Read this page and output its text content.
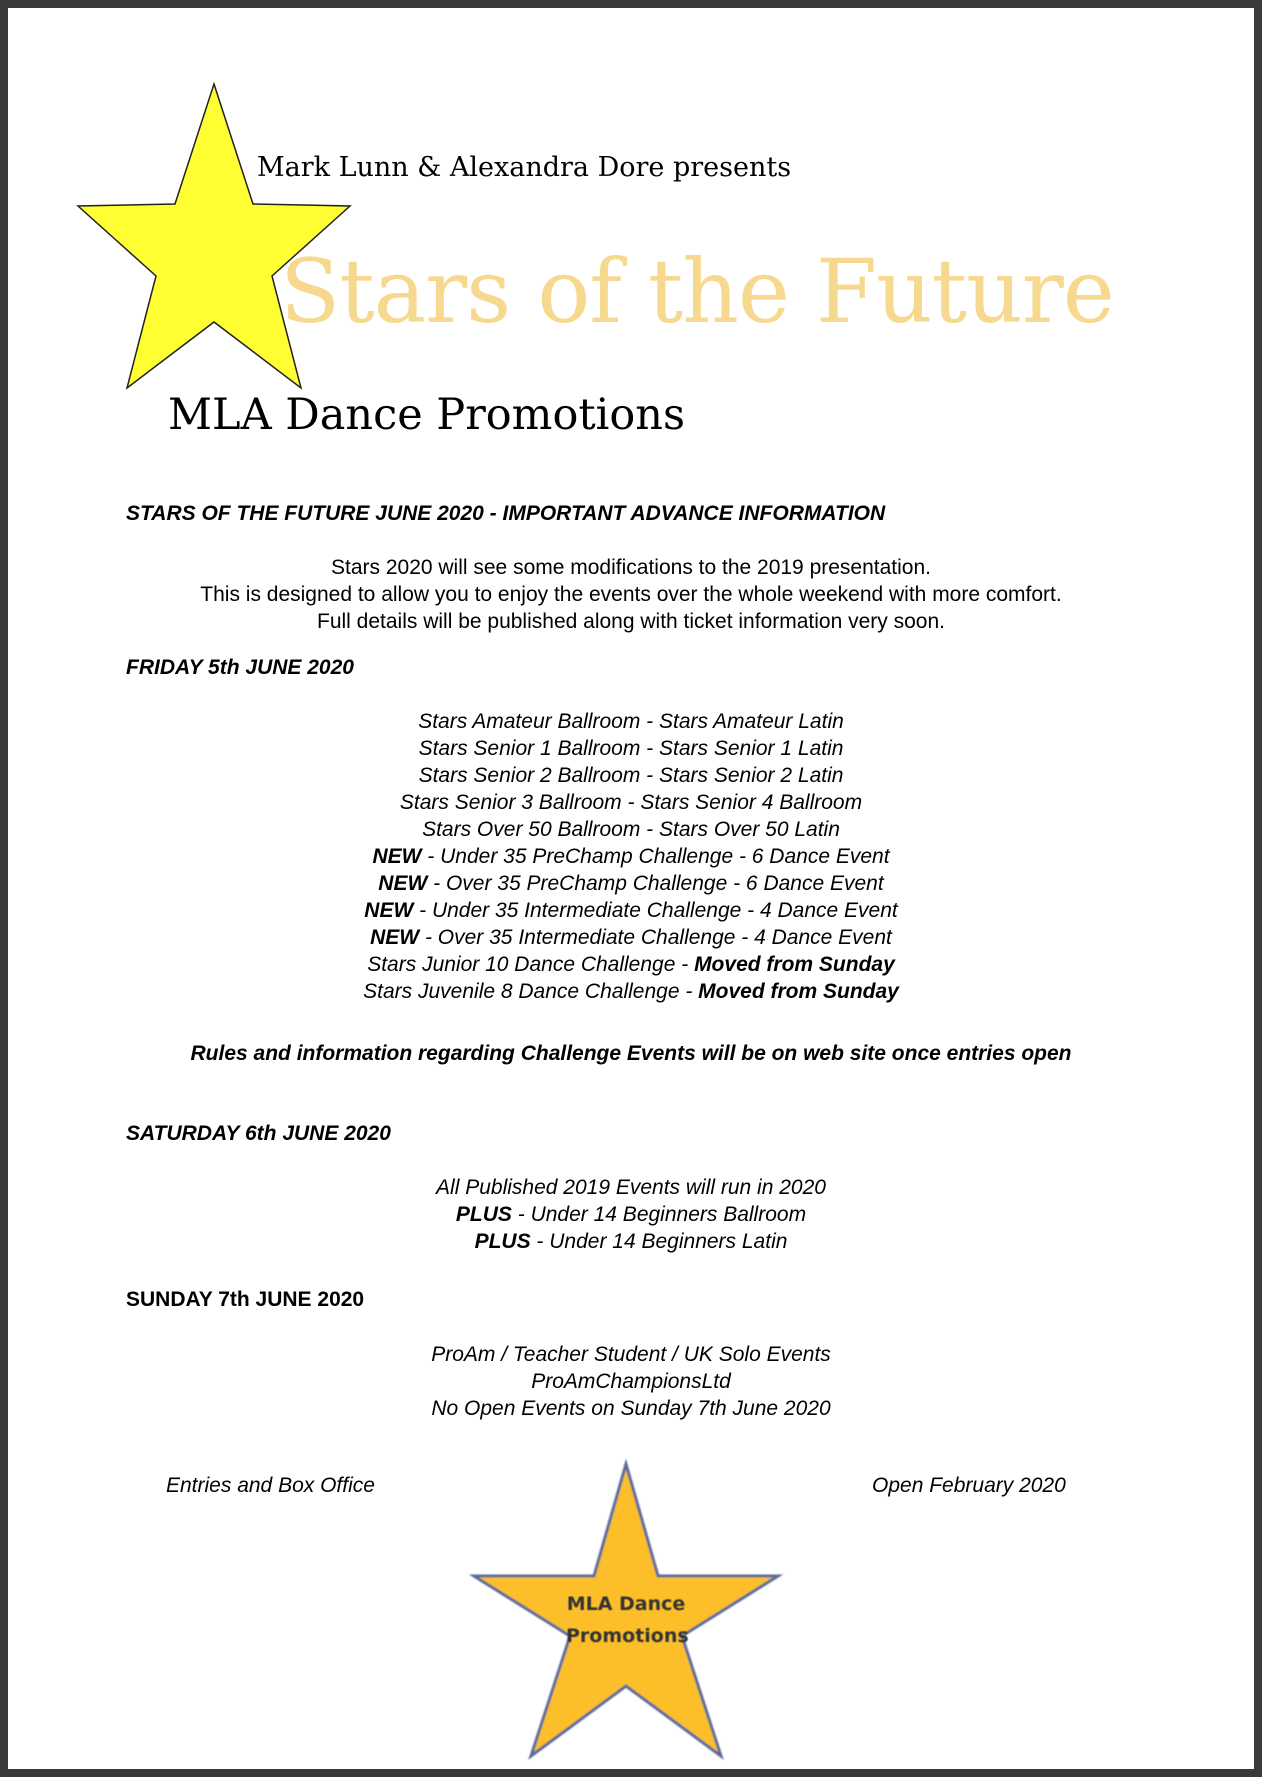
Mark Lunn & Alexandra Dore presents
Stars of the Future
MLA Dance Promotions
STARS OF THE FUTURE JUNE 2020 - IMPORTANT ADVANCE INFORMATION
Stars 2020 will see some modifications to the 2019 presentation.
This is designed to allow you to enjoy the events over the whole weekend with more comfort.
Full details will be published along with ticket information very soon.
FRIDAY 5th JUNE 2020
Stars Amateur Ballroom - Stars Amateur Latin
Stars Senior 1 Ballroom - Stars Senior 1 Latin
Stars Senior 2 Ballroom - Stars Senior 2 Latin
Stars Senior 3 Ballroom - Stars Senior 4 Ballroom
Stars Over 50 Ballroom - Stars Over 50 Latin
NEW - Under 35 PreChamp Challenge - 6 Dance Event
NEW - Over 35 PreChamp Challenge - 6 Dance Event
NEW - Under 35 Intermediate Challenge - 4 Dance Event
NEW - Over 35 Intermediate Challenge - 4 Dance Event
Stars Junior 10 Dance Challenge - Moved from Sunday
Stars Juvenile 8 Dance Challenge - Moved from Sunday
Rules and information regarding Challenge Events will be on web site once entries open
SATURDAY 6th JUNE 2020
All Published 2019 Events will run in 2020
PLUS - Under 14 Beginners Ballroom
PLUS - Under 14 Beginners Latin
SUNDAY 7th JUNE 2020
ProAm / Teacher Student / UK Solo Events
ProAmChampionsLtd
No Open Events on Sunday 7th June 2020
Entries and Box Office	Open February 2020
MLA Dance
Promotions
